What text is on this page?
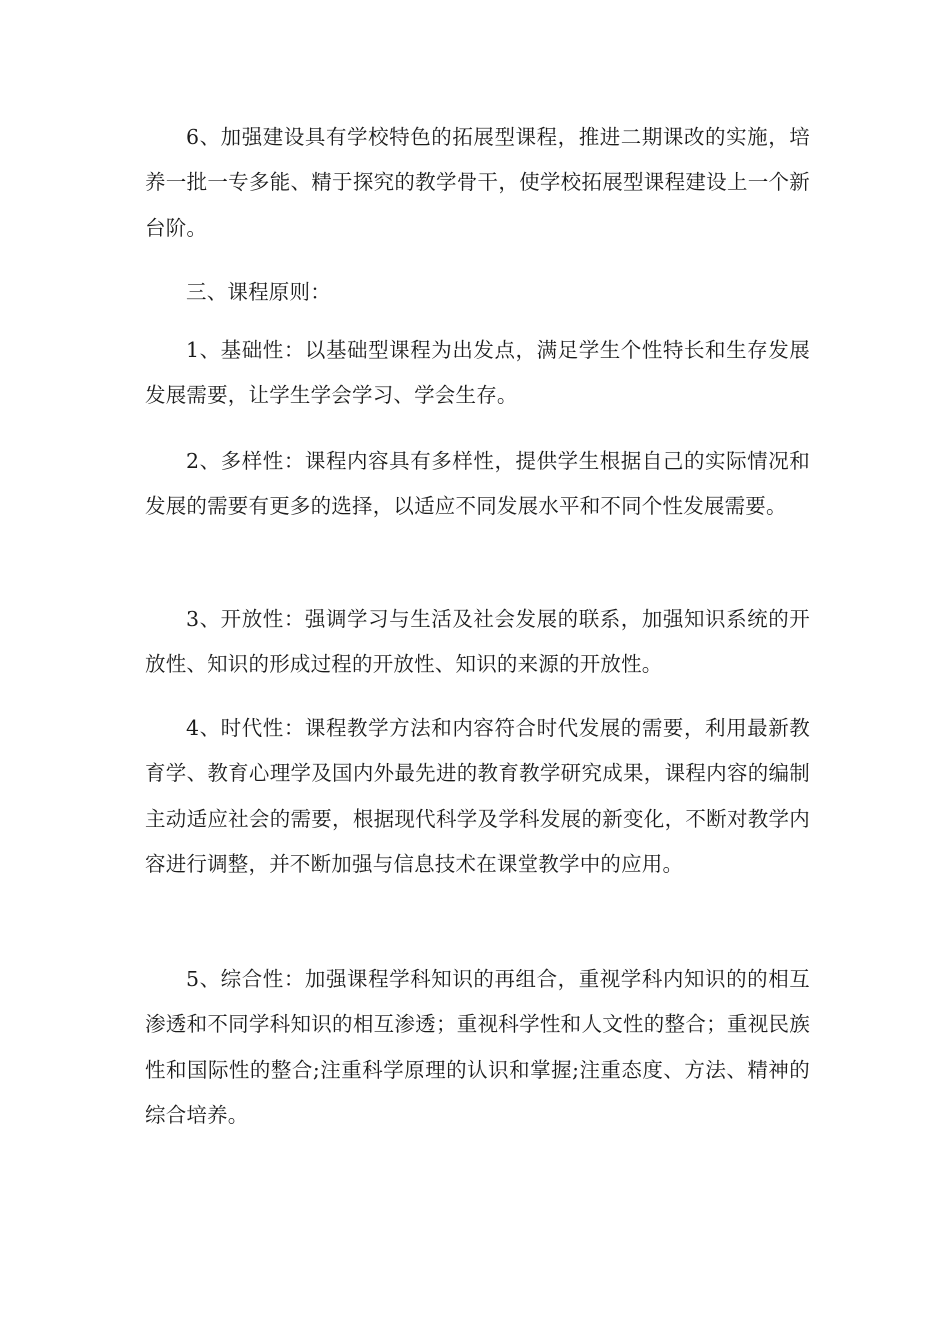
6、加强建设具有学校特色的拓展型课程，推进二期课改的实施，培养一批一专多能、精于探究的教学骨干，使学校拓展型课程建设上一个新台阶。

三、课程原则：

1、基础性：以基础型课程为出发点，满足学生个性特长和生存发展发展需要，让学生学会学习、学会生存。

2、多样性：课程内容具有多样性，提供学生根据自己的实际情况和发展的需要有更多的选择，以适应不同发展水平和不同个性发展需要。

3、开放性：强调学习与生活及社会发展的联系，加强知识系统的开放性、知识的形成过程的开放性、知识的来源的开放性。

4、时代性：课程教学方法和内容符合时代发展的需要，利用最新教育学、教育心理学及国内外最先进的教育教学研究成果，课程内容的编制主动适应社会的需要，根据现代科学及学科发展的新变化，不断对教学内容进行调整，并不断加强与信息技术在课堂教学中的应用。

5、综合性：加强课程学科知识的再组合，重视学科内知识的的相互渗透和不同学科知识的相互渗透；重视科学性和人文性的整合；重视民族性和国际性的整合;注重科学原理的认识和掌握;注重态度、方法、精神的综合培养。
